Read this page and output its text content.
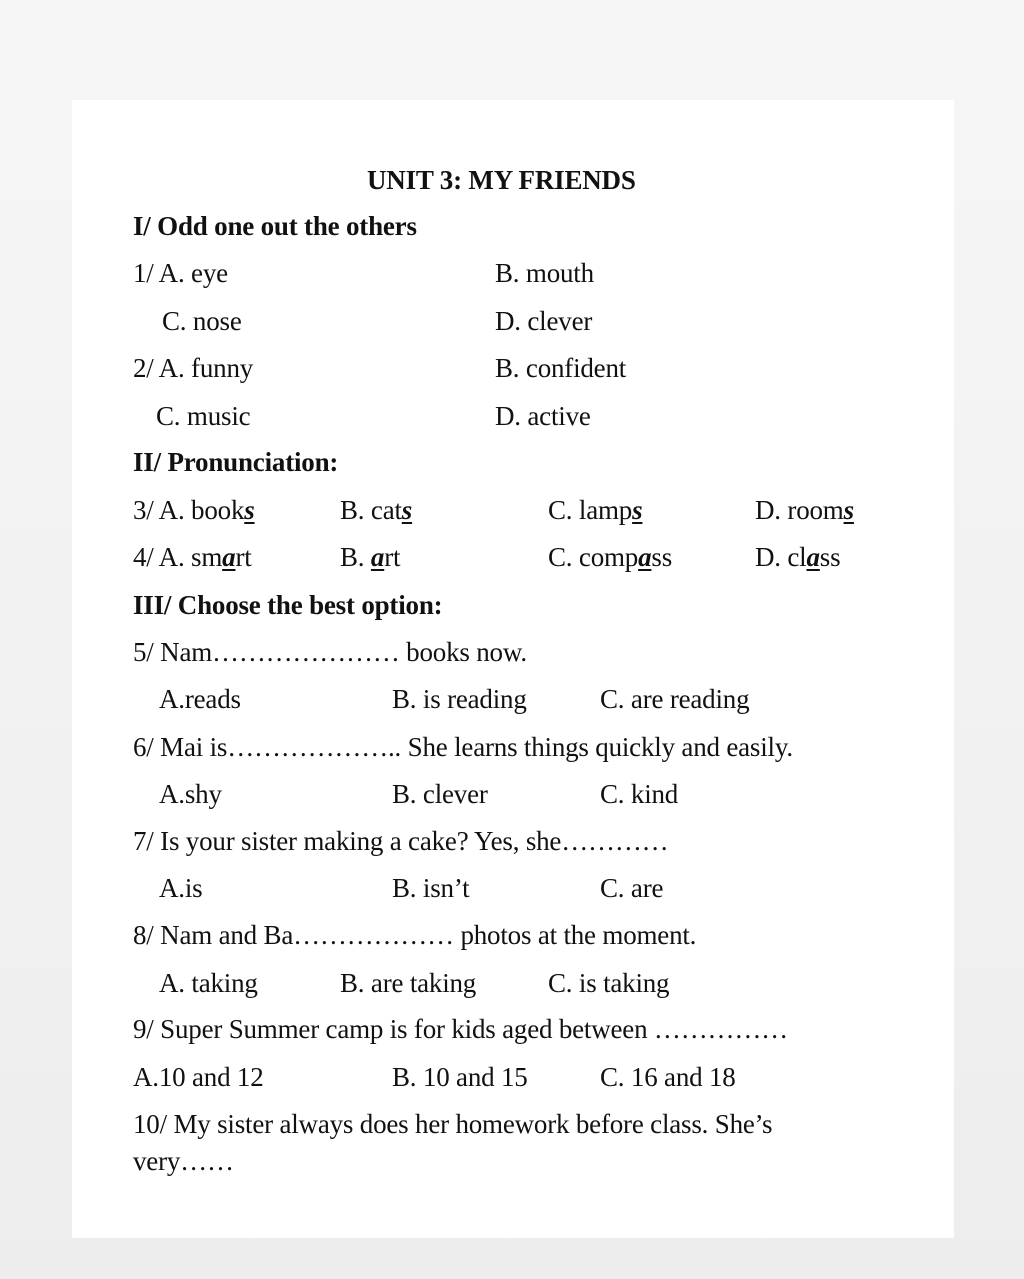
UNIT 3: MY FRIENDS
I/ Odd one out the others
1/ A. eye	B. mouth
C. nose	D. clever
2/ A. funny	B. confident
C. music	D. active
II/ Pronunciation:
3/ A. books	B. cats	C. lamps	D. rooms
4/ A. smart	B. art	C. compass	D. class
III/ Choose the best option:
5/ Nam………………… books now.
A.reads	B. is reading	C. are reading
6/ Mai is……………….. She learns things quickly and easily.
A.shy	B. clever	C. kind
7/ Is your sister making a cake? Yes, she…………
A.is	B. isn’t	C. are
8/ Nam and Ba……………… photos at the moment.
A. taking	B. are taking	C. is taking
9/ Super Summer camp is for kids aged between ……………
A.10 and 12	B. 10 and 15	C. 16 and 18
10/ My sister always does her homework before class. She’s
very……
